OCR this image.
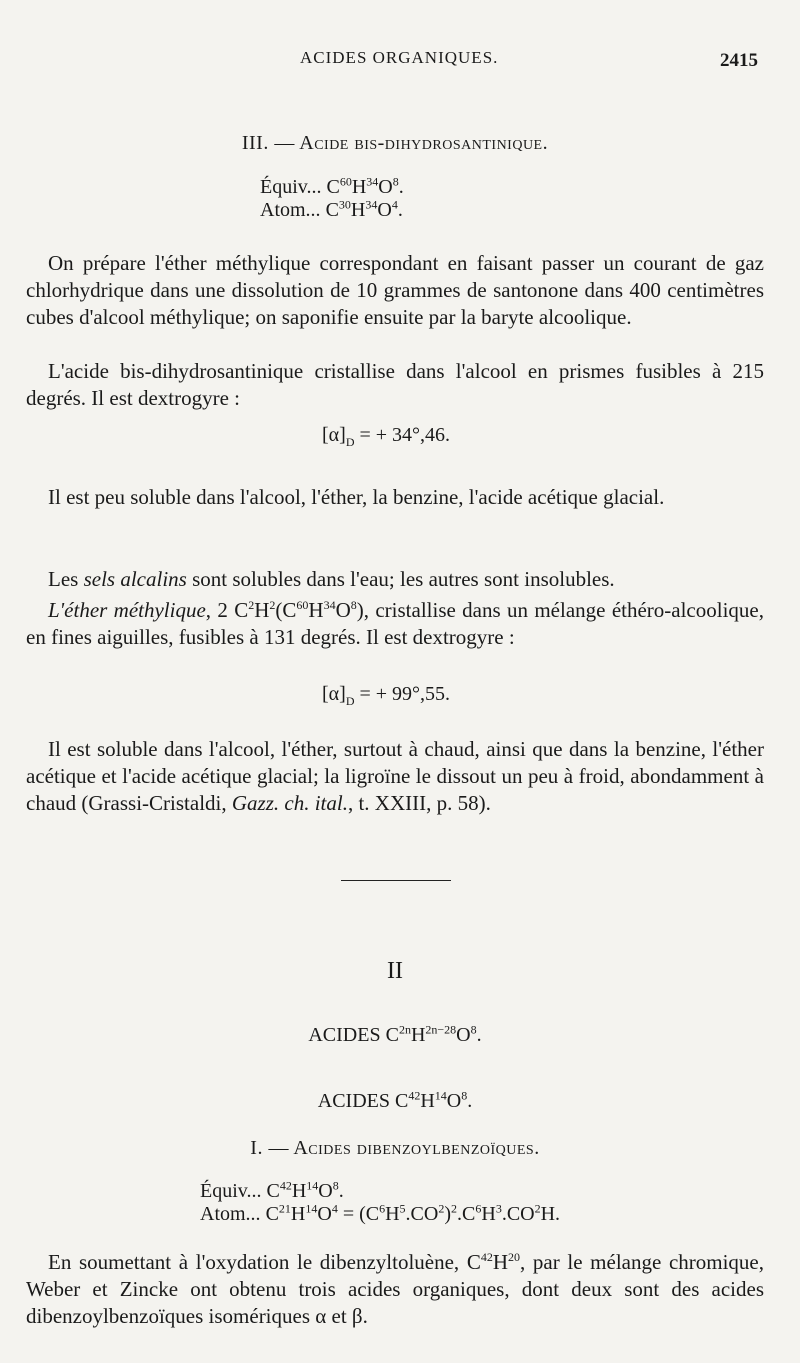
ACIDES ORGANIQUES.	2415
III. — Acide bis-dihydrosantinique.
Équiv... $C^{60}H^{34}O^8$.
Atom... $C^{30}H^{34}O^4$.
On prépare l'éther méthylique correspondant en faisant passer un courant de gaz chlorhydrique dans une dissolution de 10 grammes de santonone dans 400 centimètres cubes d'alcool méthylique; on saponifie ensuite par la baryte alcoolique.
L'acide bis-dihydrosantinique cristallise dans l'alcool en prismes fusibles à 215 degrés. Il est dextrogyre :
$[\alpha]_D$ = + 34°,46.
Il est peu soluble dans l'alcool, l'éther, la benzine, l'acide acétique glacial.
Les sels alcalins sont solubles dans l'eau; les autres sont insolubles.
L'éther méthylique, 2 $C^2H^2(C^{60}H^{34}O^8)$, cristallise dans un mélange éthéro-alcoolique, en fines aiguilles, fusibles à 131 degrés. Il est dextrogyre :
$[\alpha]_D$ = + 99°,55.
Il est soluble dans l'alcool, l'éther, surtout à chaud, ainsi que dans la benzine, l'éther acétique et l'acide acétique glacial; la ligroïne le dissout un peu à froid, abondamment à chaud (Grassi-Cristaldi, Gazz. ch. ital., t. XXIII, p. 58).
II
ACIDES $C^{2n}H^{2n-28}O^8$.
ACIDES $C^{42}H^{14}O^8$.
I. — Acides dibenzoylbenzoïques.
Équiv... $C^{42}H^{14}O^8$.
Atom... $C^{21}H^{14}O^4 = (C^6H^5.CO^2)^2.C^6H^3.CO^2H$.
En soumettant à l'oxydation le dibenzyltoluène, $C^{42}H^{20}$, par le mélange chromique, Weber et Zincke ont obtenu trois acides organiques, dont deux sont des acides dibenzoylbenzoïques isomériques α et β.
